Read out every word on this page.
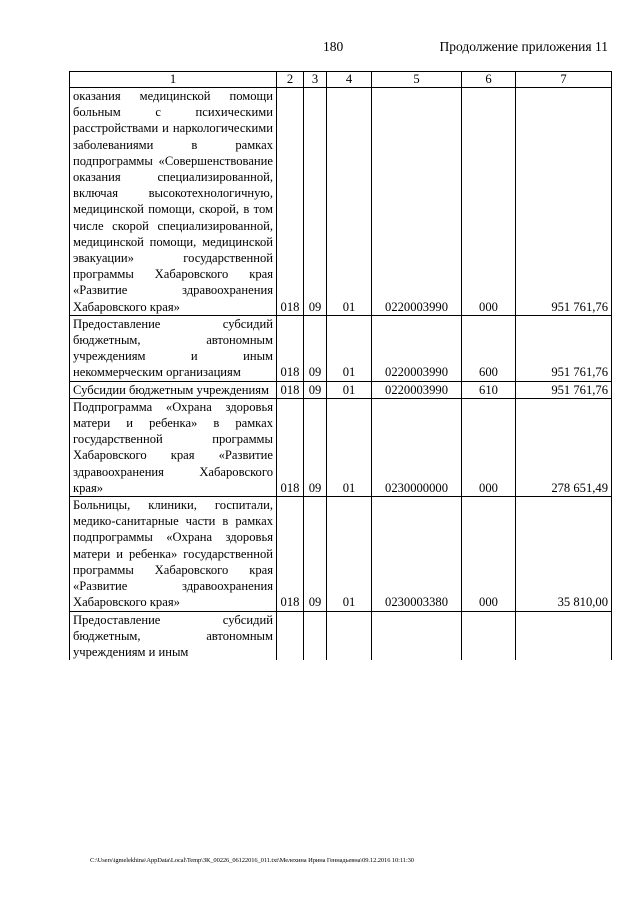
180	Продолжение приложения 11
1	2	3	4	5	6	7
оказания медицинской помощи больным с психическими расстройствами и наркологическими заболеваниями в рамках подпрограммы «Совершенствование оказания специализированной, включая высокотехнологичную, медицинской помощи, скорой, в том числе скорой специализированной, медицинской помощи, медицинской эвакуации» государственной программы Хабаровского края «Развитие здравоохранения Хабаровского края»	018	09	01	0220003990	000	951 761,76
Предоставление субсидий бюджетным, автономным учреждениям и иным некоммерческим организациям	018	09	01	0220003990	600	951 761,76
Субсидии бюджетным учреждениям	018	09	01	0220003990	610	951 761,76
Подпрограмма «Охрана здоровья матери и ребенка» в рамках государственной программы Хабаровского края «Развитие здравоохранения Хабаровского края»	018	09	01	0230000000	000	278 651,49
Больницы, клиники, госпитали, медико-санитарные части в рамках подпрограммы «Охрана здоровья матери и ребенка» государственной программы Хабаровского края «Развитие здравоохранения Хабаровского края»	018	09	01	0230003380	000	35 810,00
Предоставление субсидий бюджетным, автономным учреждениям и иным						
C:\Users\igmelekhina\AppData\Local\Temp\ЗК_00226_06122016_011.txt\Мелехина Ирина Геннадьевна\09.12.2016 10:11:30
